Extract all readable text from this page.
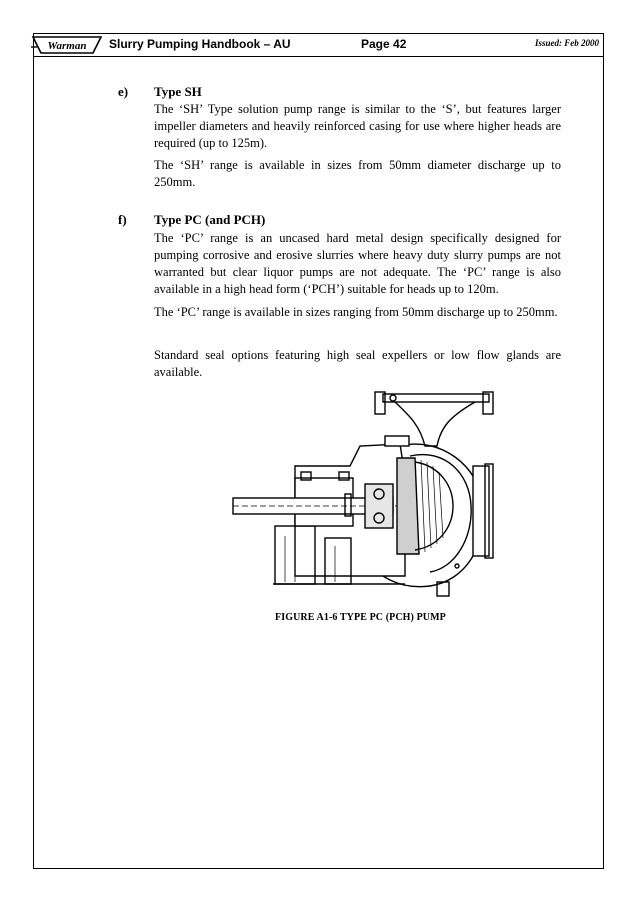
Warman Slurry Pumping Handbook – AU	Page 42	Issued: Feb 2000
e) Type SH

The ‘SH’ Type solution pump range is similar to the ‘S’, but features larger impeller diameters and heavily reinforced casing for use where higher heads are required (up to 125m).

The ‘SH’ range is available in sizes from 50mm diameter discharge up to 250mm.

f) Type PC (and PCH)

The ‘PC’ range is an uncased hard metal design specifically designed for pumping corrosive and erosive slurries where heavy duty slurry pumps are not warranted but clear liquor pumps are not adequate. The ‘PC’ range is also available in a high head form (‘PCH’) suitable for heads up to 120m.

The ‘PC’ range is available in sizes ranging from 50mm discharge up to 250mm.

Standard seal options featuring high seal expellers or low flow glands are available.

FIGURE A1-6 TYPE PC (PCH) PUMP
